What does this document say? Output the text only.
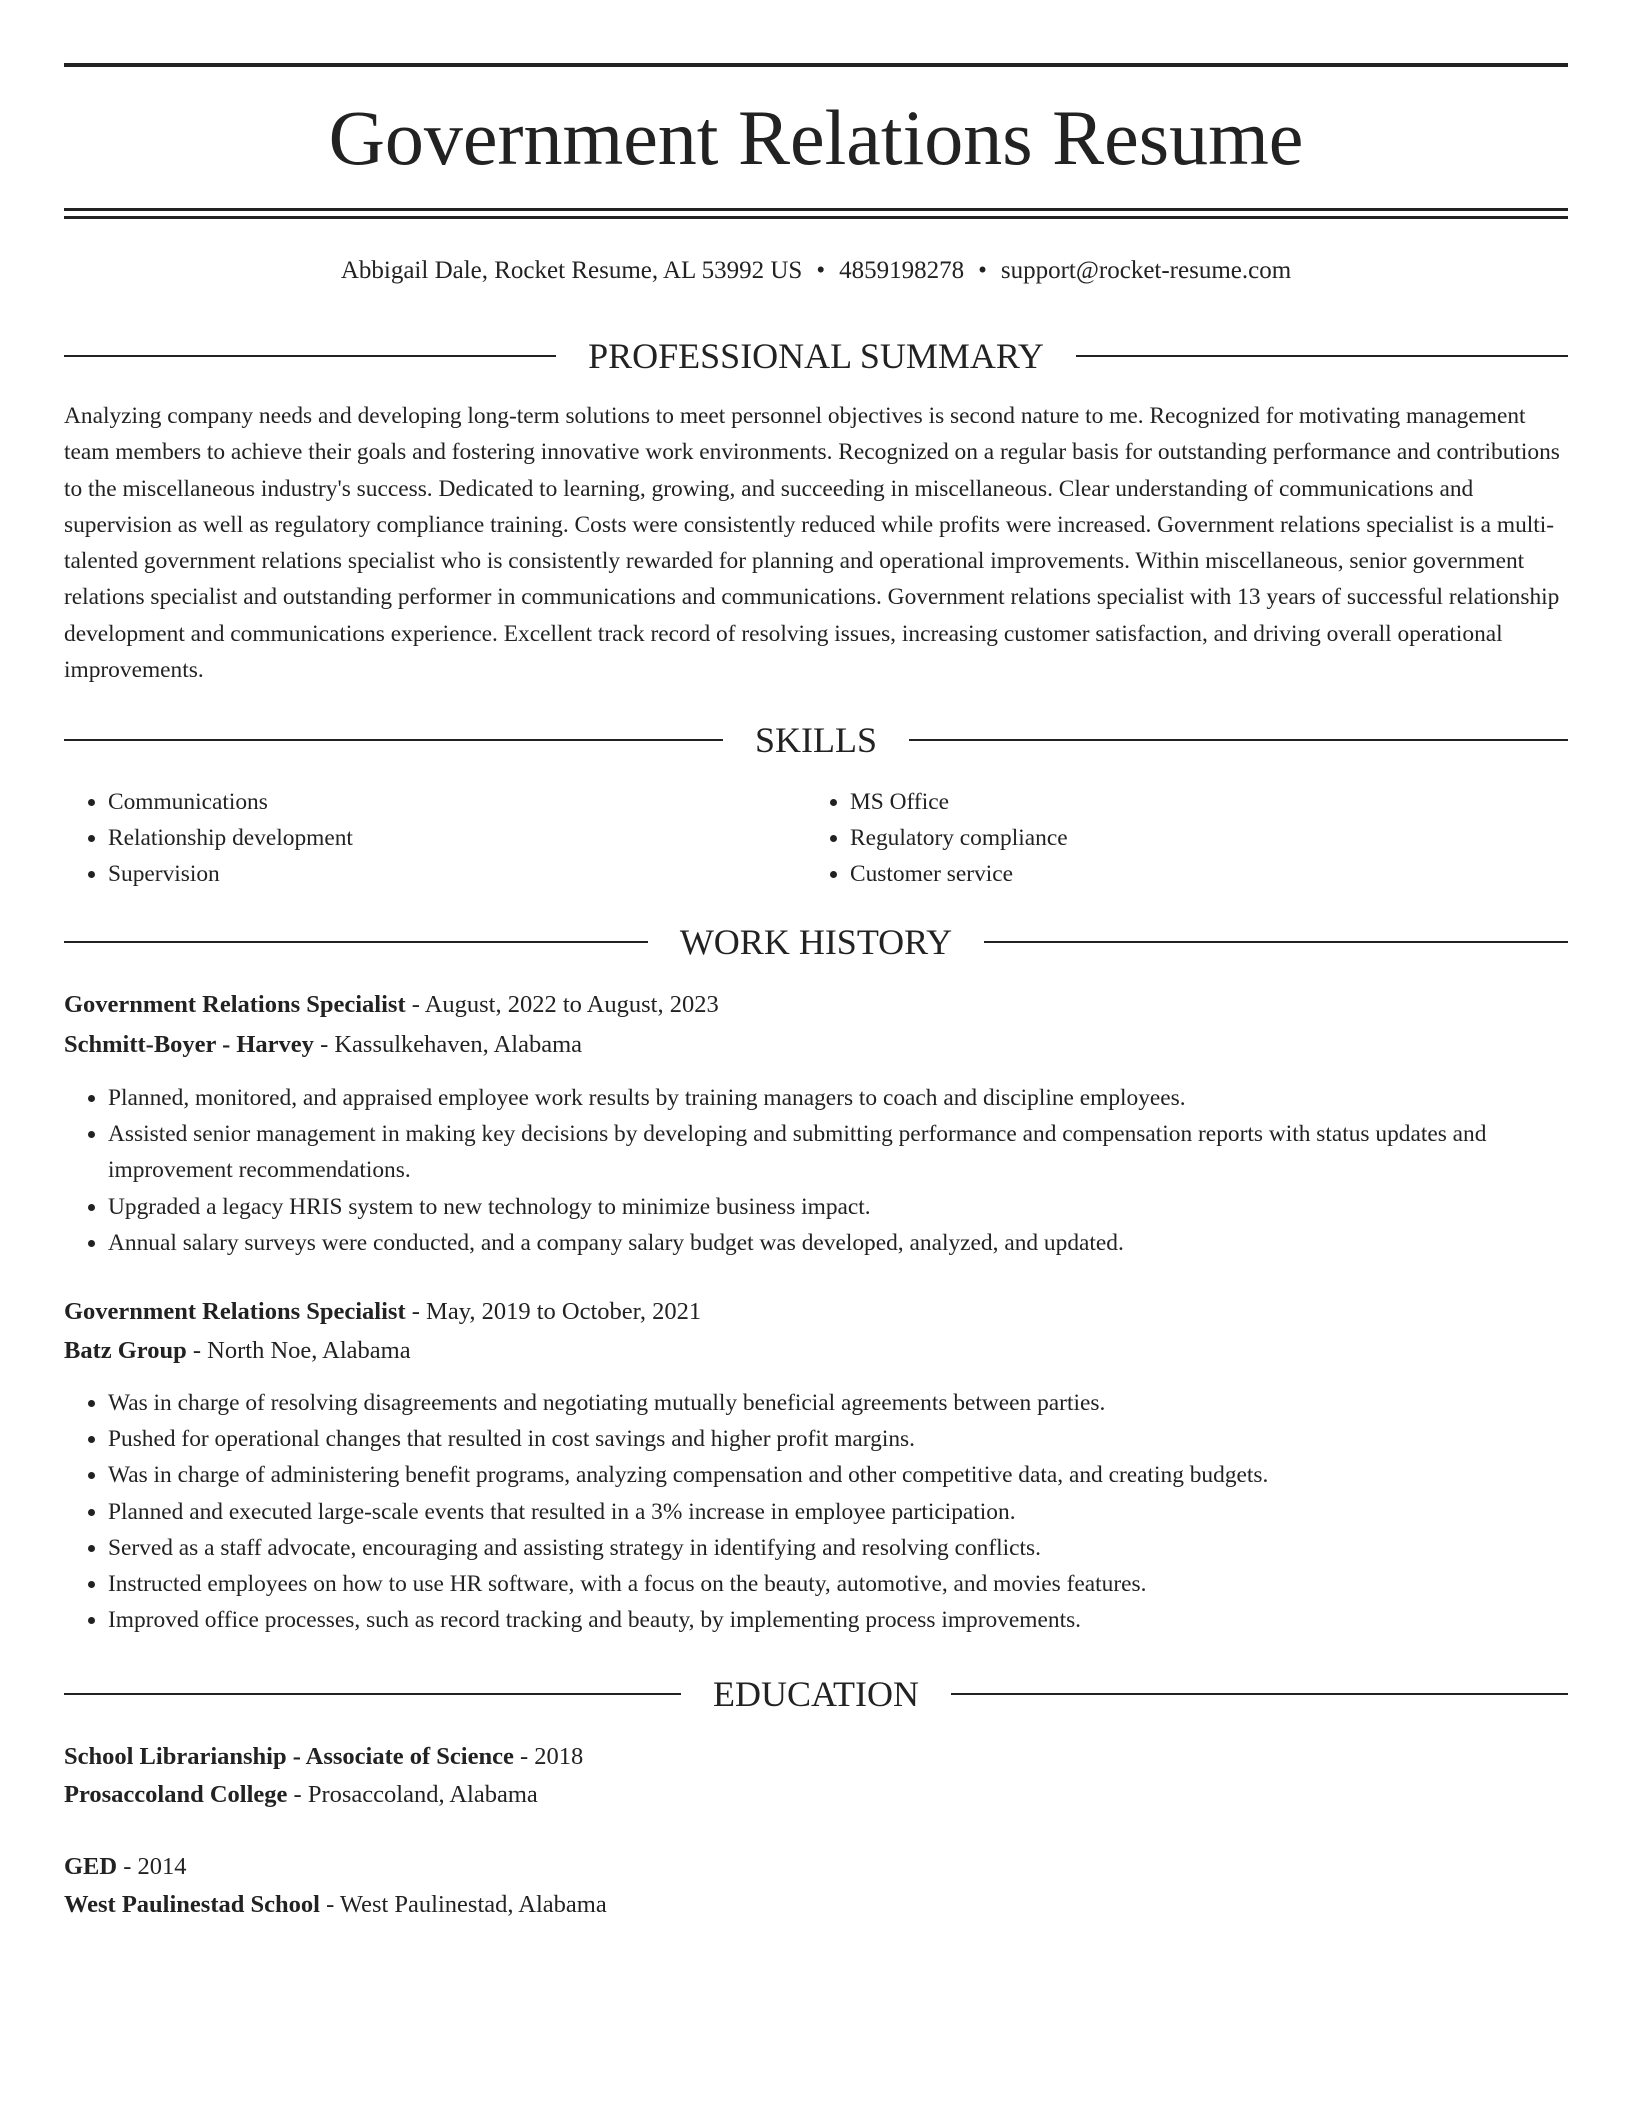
Government Relations Resume
Abbigail Dale, Rocket Resume, AL 53992 US • 4859198278 • support@rocket-resume.com
PROFESSIONAL SUMMARY

Analyzing company needs and developing long-term solutions to meet personnel objectives is second nature to me. Recognized for motivating management team members to achieve their goals and fostering innovative work environments. Recognized on a regular basis for outstanding performance and contributions to the miscellaneous industry's success. Dedicated to learning, growing, and succeeding in miscellaneous. Clear understanding of communications and supervision as well as regulatory compliance training. Costs were consistently reduced while profits were increased. Government relations specialist is a multi-talented government relations specialist who is consistently rewarded for planning and operational improvements. Within miscellaneous, senior government relations specialist and outstanding performer in communications and communications. Government relations specialist with 13 years of successful relationship development and communications experience. Excellent track record of resolving issues, increasing customer satisfaction, and driving overall operational improvements.

SKILLS
• Communications
• Relationship development
• Supervision
• MS Office
• Regulatory compliance
• Customer service
WORK HISTORY
Government Relations Specialist - August, 2022 to August, 2023
Schmitt-Boyer - Harvey - Kassulkehaven, Alabama
• Planned, monitored, and appraised employee work results by training managers to coach and discipline employees.
• Assisted senior management in making key decisions by developing and submitting performance and compensation reports with status updates and improvement recommendations.
• Upgraded a legacy HRIS system to new technology to minimize business impact.
• Annual salary surveys were conducted, and a company salary budget was developed, analyzed, and updated.
Government Relations Specialist - May, 2019 to October, 2021
Batz Group - North Noe, Alabama
• Was in charge of resolving disagreements and negotiating mutually beneficial agreements between parties.
• Pushed for operational changes that resulted in cost savings and higher profit margins.
• Was in charge of administering benefit programs, analyzing compensation and other competitive data, and creating budgets.
• Planned and executed large-scale events that resulted in a 3% increase in employee participation.
• Served as a staff advocate, encouraging and assisting strategy in identifying and resolving conflicts.
• Instructed employees on how to use HR software, with a focus on the beauty, automotive, and movies features.
• Improved office processes, such as record tracking and beauty, by implementing process improvements.
EDUCATION
School Librarianship - Associate of Science - 2018
Prosaccoland College - Prosaccoland, Alabama
GED - 2014
West Paulinestad School - West Paulinestad, Alabama
